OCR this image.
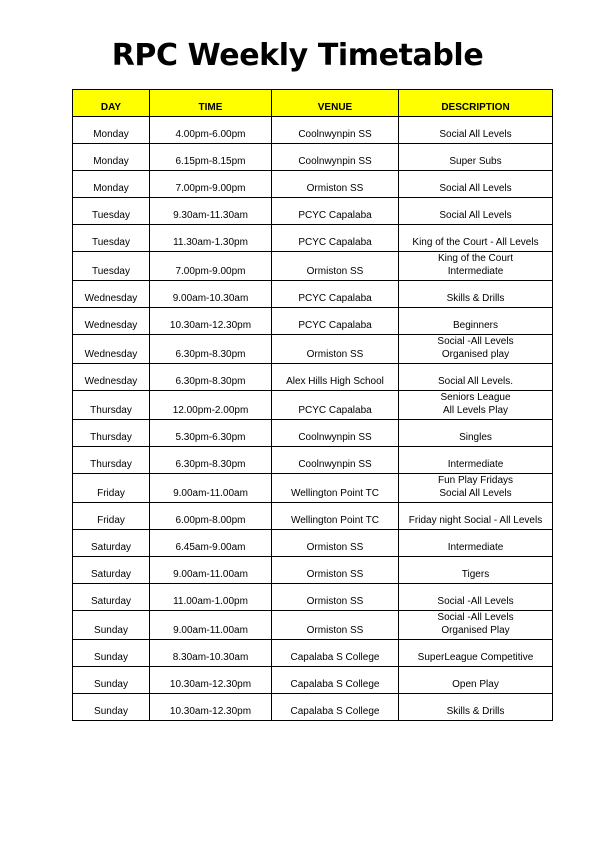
RPC Weekly Timetable
DAY	TIME	VENUE	DESCRIPTION
Monday	4.00pm-6.00pm	Coolnwynpin SS	Social All Levels

Monday	6.15pm-8.15pm	Coolnwynpin SS	Super Subs

Monday	7.00pm-9.00pm	Ormiston SS	Social All Levels

Tuesday	9.30am-11.30am	PCYC Capalaba	Social All Levels

Tuesday	11.30am-1.30pm	PCYC Capalaba	King of the Court - All Levels

Tuesday	7.00pm-9.00pm	Ormiston SS	King of the Court
Intermediate

Wednesday	9.00am-10.30am	PCYC Capalaba	Skills & Drills

Wednesday	10.30am-12.30pm	PCYC Capalaba	Beginners

Wednesday	6.30pm-8.30pm	Ormiston SS	Social -All Levels
Organised play

Wednesday	6.30pm-8.30pm	Alex Hills High School	Social All Levels.

Thursday	12.00pm-2.00pm	PCYC Capalaba	Seniors League
All Levels Play

Thursday	5.30pm-6.30pm	Coolnwynpin SS	Singles

Thursday	6.30pm-8.30pm	Coolnwynpin SS	Intermediate

Friday	9.00am-11.00am	Wellington Point TC	Fun Play Fridays
Social All Levels

Friday	6.00pm-8.00pm	Wellington Point TC	Friday night Social - All Levels

Saturday	6.45am-9.00am	Ormiston SS	Intermediate

Saturday	9.00am-11.00am	Ormiston SS	Tigers

Saturday	11.00am-1.00pm	Ormiston SS	Social -All Levels

Sunday	9.00am-11.00am	Ormiston SS	Social -All Levels
Organised Play

Sunday	8.30am-10.30am	Capalaba S College	SuperLeague Competitive

Sunday	10.30am-12.30pm	Capalaba S College	Open Play

Sunday	10.30am-12.30pm	Capalaba S College	Skills & Drills
